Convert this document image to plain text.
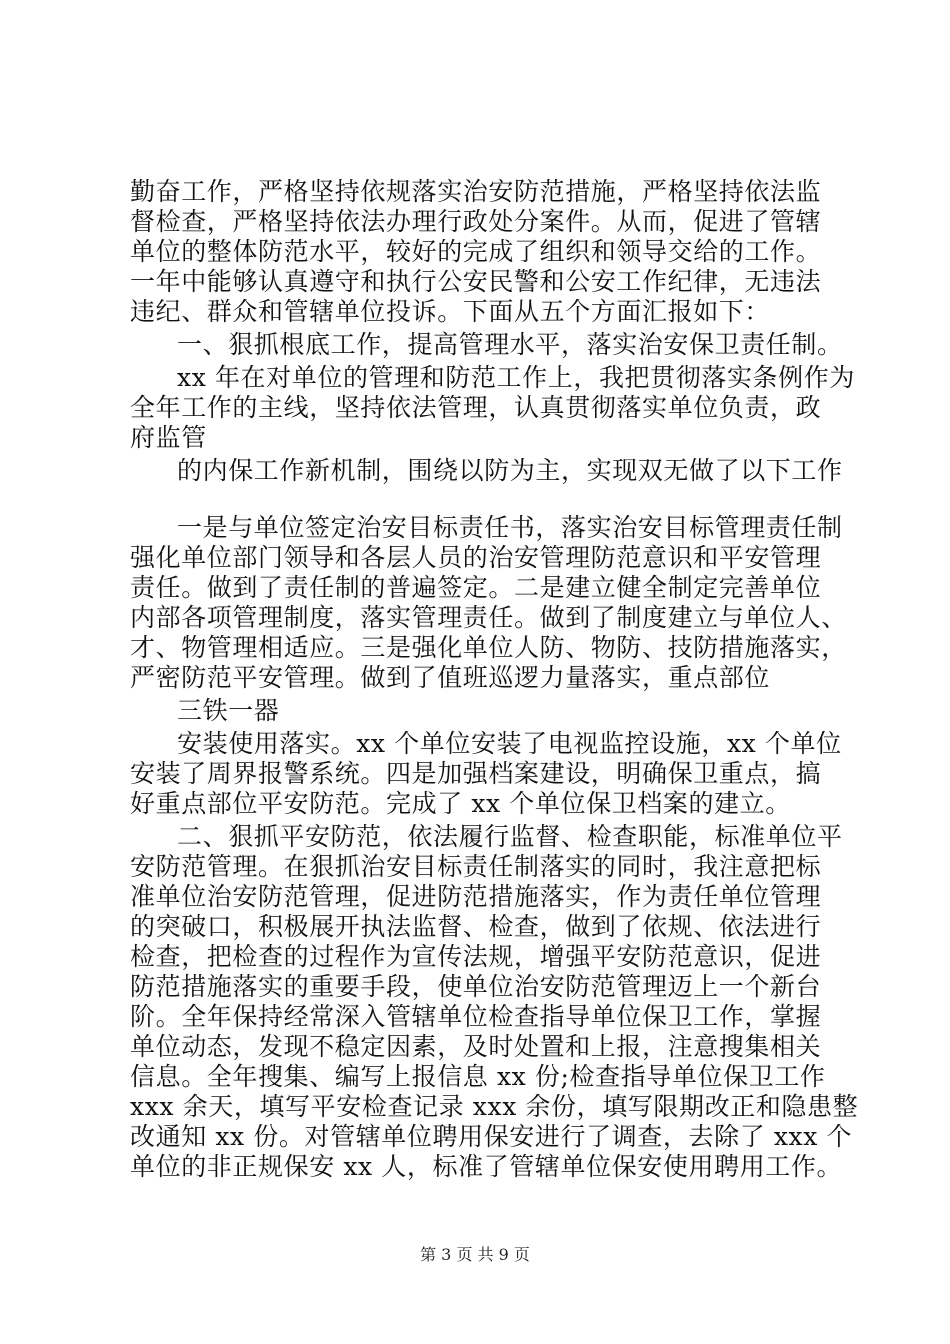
勤奋工作，严格坚持依规落实治安防范措施，严格坚持依法监
督检查，严格坚持依法办理行政处分案件。从而，促进了管辖
单位的整体防范水平，较好的完成了组织和领导交给的工作。
一年中能够认真遵守和执行公安民警和公安工作纪律，无违法
违纪、群众和管辖单位投诉。下面从五个方面汇报如下：
一、狠抓根底工作，提高管理水平，落实治安保卫责任制。
xx 年在对单位的管理和防范工作上，我把贯彻落实条例作为
全年工作的主线，坚持依法管理，认真贯彻落实单位负责，政
府监管
的内保工作新机制，围绕以防为主，实现双无做了以下工作
一是与单位签定治安目标责任书，落实治安目标管理责任制
强化单位部门领导和各层人员的治安管理防范意识和平安管理
责任。做到了责任制的普遍签定。二是建立健全制定完善单位
内部各项管理制度，落实管理责任。做到了制度建立与单位人、
才、物管理相适应。三是强化单位人防、物防、技防措施落实，
严密防范平安管理。做到了值班巡逻力量落实，重点部位
三铁一器
安装使用落实。xx 个单位安装了电视监控设施，xx 个单位
安装了周界报警系统。四是加强档案建设，明确保卫重点，搞
好重点部位平安防范。完成了 xx 个单位保卫档案的建立。
二、狠抓平安防范，依法履行监督、检查职能，标准单位平
安防范管理。在狠抓治安目标责任制落实的同时，我注意把标
准单位治安防范管理，促进防范措施落实，作为责任单位管理
的突破口，积极展开执法监督、检查，做到了依规、依法进行
检查，把检查的过程作为宣传法规，增强平安防范意识，促进
防范措施落实的重要手段，使单位治安防范管理迈上一个新台
阶。全年保持经常深入管辖单位检查指导单位保卫工作，掌握
单位动态，发现不稳定因素，及时处置和上报，注意搜集相关
信息。全年搜集、编写上报信息 xx 份;检查指导单位保卫工作
xxx 余天，填写平安检查记录 xxx 余份，填写限期改正和隐患整
改通知 xx 份。对管辖单位聘用保安进行了调查，去除了 xxx 个
单位的非正规保安 xx 人，标准了管辖单位保安使用聘用工作。
第 3 页 共 9 页
